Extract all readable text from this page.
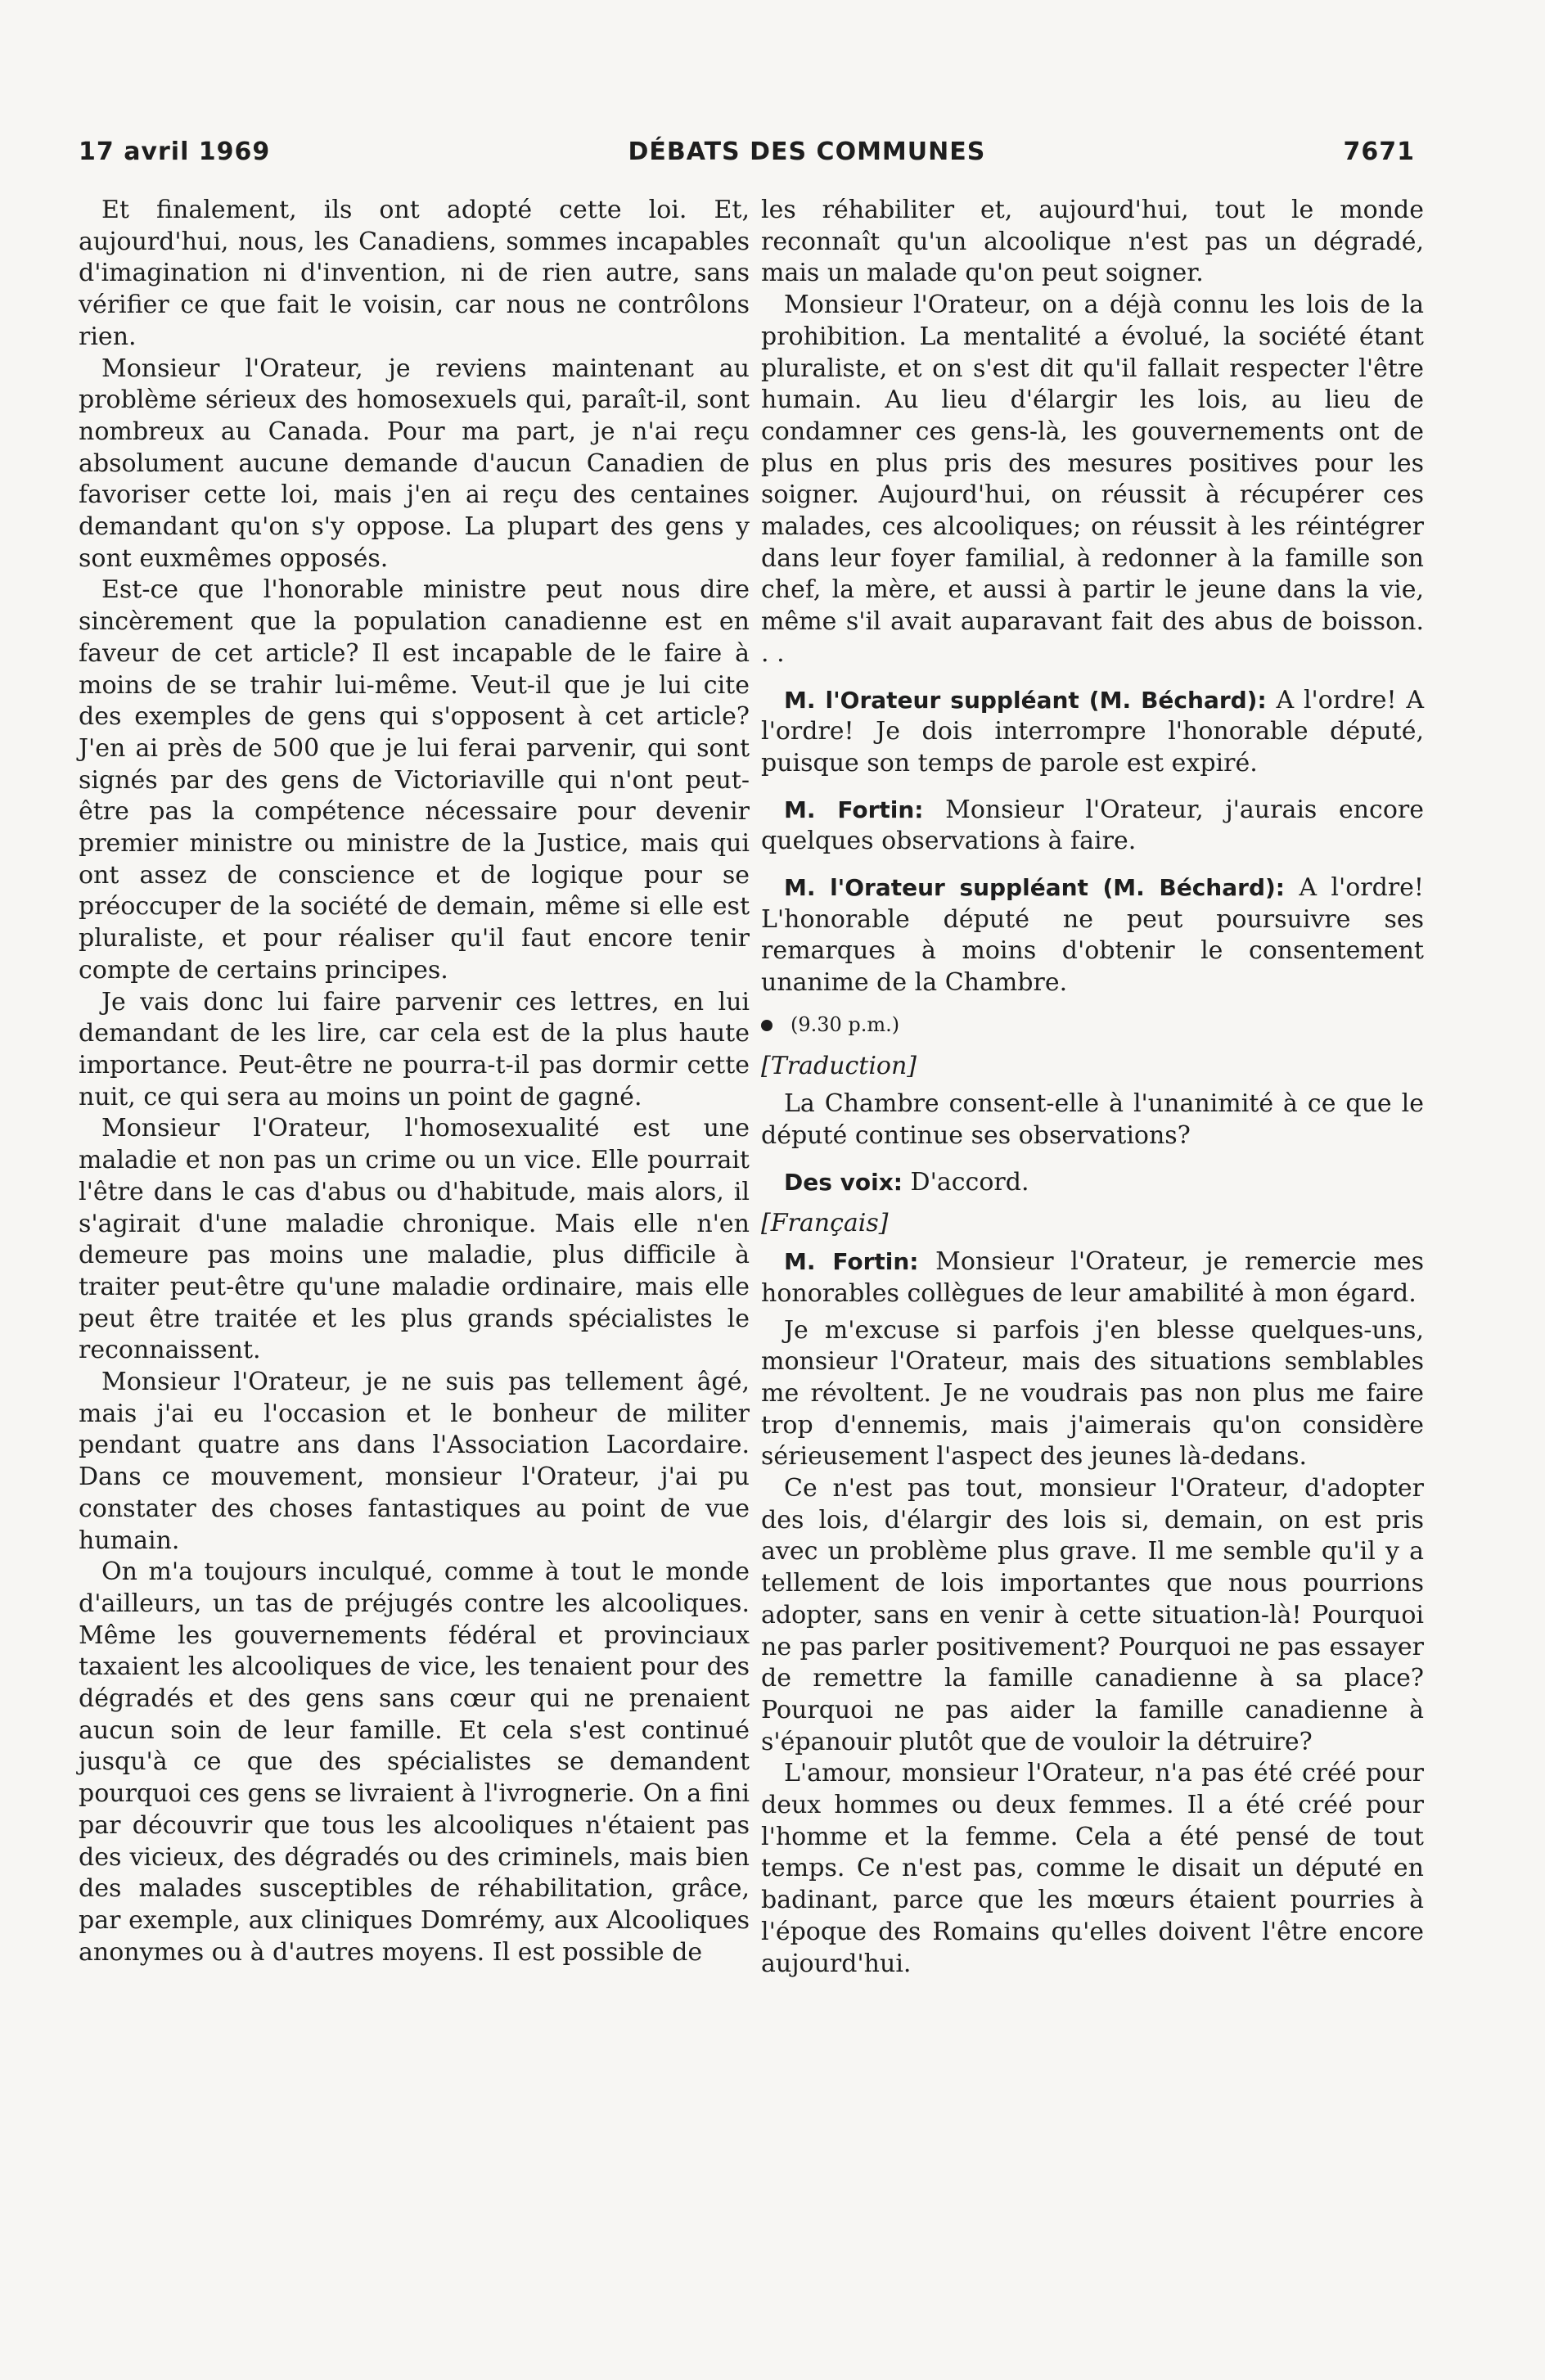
17 avril 1969	DÉBATS DES COMMUNES	7671

Et finalement, ils ont adopté cette loi. Et, aujourd'hui, nous, les Canadiens, sommes incapables d'imagination ni d'invention, ni de rien autre, sans vérifier ce que fait le voisin, car nous ne contrôlons rien.

Monsieur l'Orateur, je reviens maintenant au problème sérieux des homosexuels qui, paraît-il, sont nombreux au Canada. Pour ma part, je n'ai reçu absolument aucune demande d'aucun Canadien de favoriser cette loi, mais j'en ai reçu des centaines demandant qu'on s'y oppose. La plupart des gens y sont euxmêmes opposés.

Est-ce que l'honorable ministre peut nous dire sincèrement que la population canadienne est en faveur de cet article? Il est incapable de le faire à moins de se trahir lui-même. Veut-il que je lui cite des exemples de gens qui s'opposent à cet article? J'en ai près de 500 que je lui ferai parvenir, qui sont signés par des gens de Victoriaville qui n'ont peut-être pas la compétence nécessaire pour devenir premier ministre ou ministre de la Justice, mais qui ont assez de conscience et de logique pour se préoccuper de la société de demain, même si elle est pluraliste, et pour réaliser qu'il faut encore tenir compte de certains principes.

Je vais donc lui faire parvenir ces lettres, en lui demandant de les lire, car cela est de la plus haute importance. Peut-être ne pourra-t-il pas dormir cette nuit, ce qui sera au moins un point de gagné.

Monsieur l'Orateur, l'homosexualité est une maladie et non pas un crime ou un vice. Elle pourrait l'être dans le cas d'abus ou d'habitude, mais alors, il s'agirait d'une maladie chronique. Mais elle n'en demeure pas moins une maladie, plus difficile à traiter peut-être qu'une maladie ordinaire, mais elle peut être traitée et les plus grands spécialistes le reconnaissent.

Monsieur l'Orateur, je ne suis pas tellement âgé, mais j'ai eu l'occasion et le bonheur de militer pendant quatre ans dans l'Association Lacordaire. Dans ce mouvement, monsieur l'Orateur, j'ai pu constater des choses fantastiques au point de vue humain.

On m'a toujours inculqué, comme à tout le monde d'ailleurs, un tas de préjugés contre les alcooliques. Même les gouvernements fédéral et provinciaux taxaient les alcooliques de vice, les tenaient pour des dégradés et des gens sans cœur qui ne prenaient aucun soin de leur famille. Et cela s'est continué jusqu'à ce que des spécialistes se demandent pourquoi ces gens se livraient à l'ivrognerie. On a fini par découvrir que tous les alcooliques n'étaient pas des vicieux, des dégradés ou des criminels, mais bien des malades susceptibles de réhabilitation, grâce, par exemple, aux cliniques Domrémy, aux Alcooliques anonymes ou à d'autres moyens. Il est possible de

les réhabiliter et, aujourd'hui, tout le monde reconnaît qu'un alcoolique n'est pas un dégradé, mais un malade qu'on peut soigner.

Monsieur l'Orateur, on a déjà connu les lois de la prohibition. La mentalité a évolué, la société étant pluraliste, et on s'est dit qu'il fallait respecter l'être humain. Au lieu d'élargir les lois, au lieu de condamner ces gens-là, les gouvernements ont de plus en plus pris des mesures positives pour les soigner. Aujourd'hui, on réussit à récupérer ces malades, ces alcooliques; on réussit à les réintégrer dans leur foyer familial, à redonner à la famille son chef, la mère, et aussi à partir le jeune dans la vie, même s'il avait auparavant fait des abus de boisson. . .

M. l'Orateur suppléant (M. Béchard): A l'ordre! A l'ordre! Je dois interrompre l'honorable député, puisque son temps de parole est expiré.

M. Fortin: Monsieur l'Orateur, j'aurais encore quelques observations à faire.

M. l'Orateur suppléant (M. Béchard): A l'ordre! L'honorable député ne peut poursuivre ses remarques à moins d'obtenir le consentement unanime de la Chambre.

(9.30 p.m.)

[Traduction]

La Chambre consent-elle à l'unanimité à ce que le député continue ses observations?

Des voix: D'accord.

[Français]

M. Fortin: Monsieur l'Orateur, je remercie mes honorables collègues de leur amabilité à mon égard.

Je m'excuse si parfois j'en blesse quelques-uns, monsieur l'Orateur, mais des situations semblables me révoltent. Je ne voudrais pas non plus me faire trop d'ennemis, mais j'aimerais qu'on considère sérieusement l'aspect des jeunes là-dedans.

Ce n'est pas tout, monsieur l'Orateur, d'adopter des lois, d'élargir des lois si, demain, on est pris avec un problème plus grave. Il me semble qu'il y a tellement de lois importantes que nous pourrions adopter, sans en venir à cette situation-là! Pourquoi ne pas parler positivement? Pourquoi ne pas essayer de remettre la famille canadienne à sa place? Pourquoi ne pas aider la famille canadienne à s'épanouir plutôt que de vouloir la détruire?

L'amour, monsieur l'Orateur, n'a pas été créé pour deux hommes ou deux femmes. Il a été créé pour l'homme et la femme. Cela a été pensé de tout temps. Ce n'est pas, comme le disait un député en badinant, parce que les mœurs étaient pourries à l'époque des Romains qu'elles doivent l'être encore aujourd'hui.
